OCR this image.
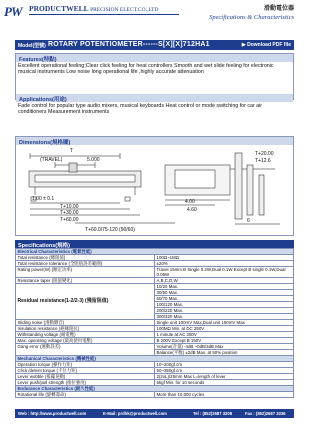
PW	PRODUCTWELL PRECISION ELECT.CO.,LTD	滑動電位器
Specifications & Characteristics
Model(型號) ROTARY POTENTIOMETER------S[X][X]712HA1	▶ Download PDF file
Features(特點)
Excellent operational feeling;Clear click feeling for heat controllers Smooth and wet slide feeling for electronic musical instruments Low noise long operational life ,highly accurate attenuation
Applications(用途)
Fade control for popular type audio mixers, musical keyboards Heat control or mode switching for car air conditioners Measurement instruments
Dimensions(規格圖)
T
(TRAVEL)	5.000
1.00 ± 0.1
T+10.00
T+30.00
T+60.00
T+60.0/75-120 (90/60)
T+20.00
T+12.6
4.00
4.60
6
Specifications(規格)
Electrical Characteristics (電氣性能)	
Total resistance (總阻值)	100Ω~1MΩ
Total resistance tolerance (全阻值誤差範圍)	±20%
Rating power(W) (額定功率)	Travel 15mm B Single 0.2W,Dual 0.1W Except B single 0.1W,Dual 0.05W
Resistance taper (阻值變化)	A,B,C,D,W
Residual resistance(1-2/2-3) (殘留阻值)	10/20 Max.
	30/50 Max.
	50/70 Max.
	100/120 Max.
	200/220 Max.
	300/320 Max.
Sliding noise (滑動雜音)	Single unit 100mV Max,Dual unit 150mV Max
Insulation resistance (絕緣阻抗)	100MΩ Min. at DC 250V
Withstanding voltage (耐電壓)	1 minute at AC 250V
Max. operating voltage (最高使用電壓)	B 200V Except B 150V
Gang error (連動誤差)	Volume(音量) -4dB ~0dB/3dB Max
	Balance(平衡) ±2dB Max. at 50% position
Mechanical Characteristics (機械性能)	
Operation torque (操作力矩)	10~200gf.cm
Click /detent torque (卡位力矩)	50~350gf.cm
Lever wobble (搖擺晃動)	2(2xL)/25mm Max L=length of lever
Lever push/pull strength (推拉強度)	5kgf Min. for 10 seconds
Endurance Characteristics (耐久性能)	
Rotational life (旋轉壽命)	More than 10,000 cycles
Web : http://www.productwell.com	E-Mail: prdhk@productwell.com	Tel : (852)2687 3208	Fax : (852)2687 3336
